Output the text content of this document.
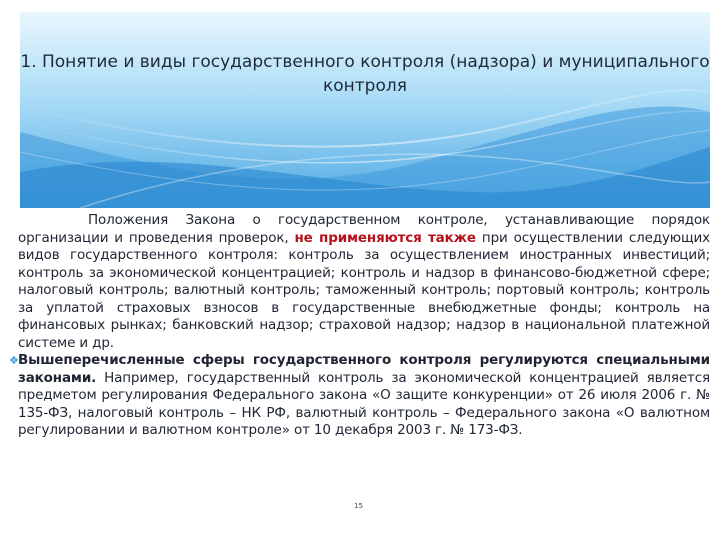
1. Понятие и виды государственного контроля (надзора) и муниципального контроля

Положения Закона о государственном контроле, устанавливающие порядок организации и проведения проверок, не применяются также при осуществлении следующих видов государственного контроля: контроль за осуществлением иностранных инвестиций; контроль за экономической концентрацией; контроль и надзор в финансово-бюджетной сфере; налоговый контроль; валютный контроль; таможенный контроль; портовый контроль; контроль за уплатой страховых взносов в государственные внебюджетные фонды; контроль на финансовых рынках; банковский надзор; страховой надзор; надзор в национальной платежной системе и др.

❖Вышеперечисленные сферы государственного контроля регулируются специальными законами. Например, государственный контроль за экономической концентрацией является предметом регулирования Федерального закона «О защите конкуренции» от 26 июля 2006 г. № 135-ФЗ, налоговый контроль – НК РФ, валютный контроль – Федерального закона «О валютном регулировании и валютном контроле» от 10 декабря 2003 г. № 173-ФЗ.

15
